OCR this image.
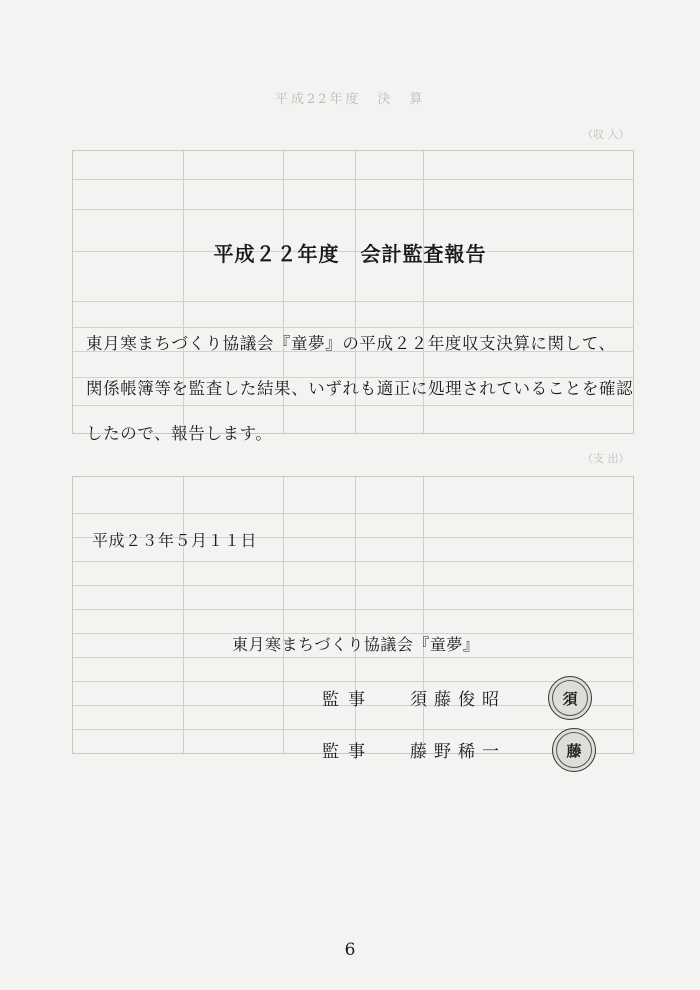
平成22年度　決　算
（収 入）
（支 出）
平成２２年度　会計監査報告
東月寒まちづくり協議会『童夢』の平成２２年度収支決算に関して、
関係帳簿等を監査した結果、いずれも適正に処理されていることを確認
したので、報告します。
平成２３年５月１１日
東月寒まちづくり協議会『童夢』
監事 須藤俊昭	須
監事 藤野稀一	藤
6
